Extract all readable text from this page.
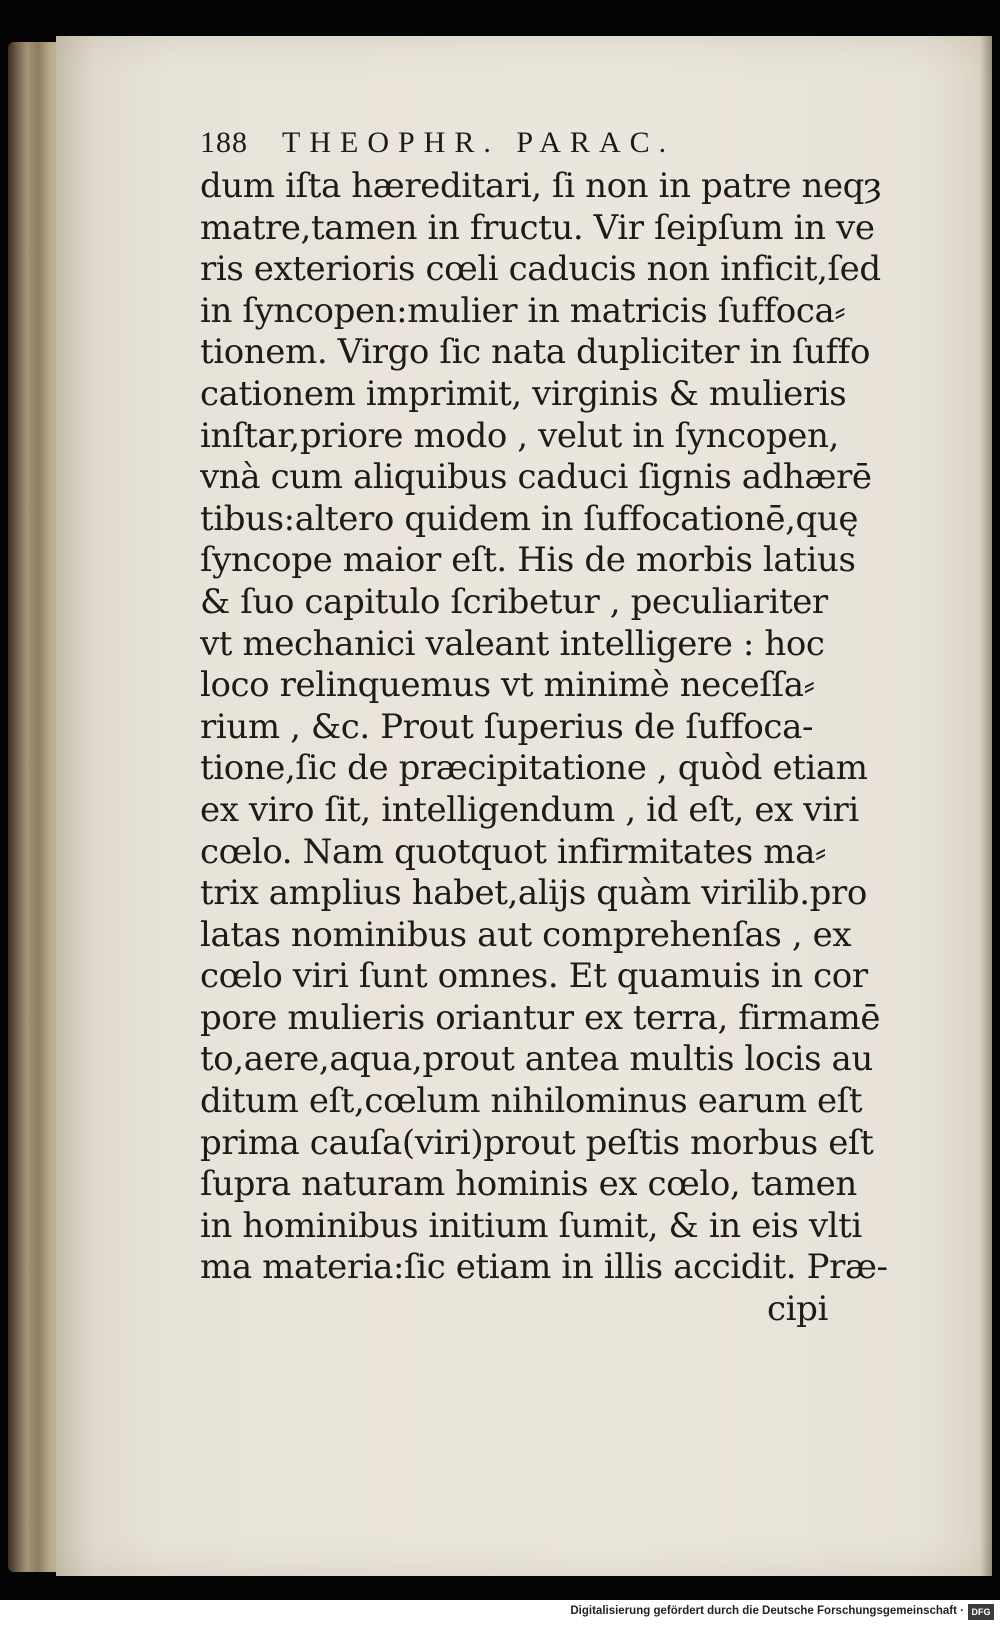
188 THEOPHR. PARAC.
dum iſta hæreditari, ſi non in patre neqȝ
matre,tamen in fructu. Vir ſeipſum in ve
ris exterioris cœli caducis non inficit,ſed
in ſyncopen:mulier in matricis ſuffoca⸗
tionem. Virgo ſic nata dupliciter in ſuffo
cationem imprimit, virginis & mulieris
inſtar,priore modo , velut in ſyncopen,
vnà cum aliquibus caduci ſignis adhærē
tibus:altero quidem in ſuffocationē,quę
ſyncope maior eſt. His de morbis latius
& ſuo capitulo ſcribetur , peculiariter
vt mechanici valeant intelligere : hoc
loco relinquemus vt minimè neceſſa⸗
rium , &c. Prout ſuperius de ſuffoca-
tione,ſic de præcipitatione , quòd etiam
ex viro ſit, intelligendum , id eſt, ex viri
cœlo. Nam quotquot infirmitates ma⸗
trix amplius habet,alijs quàm virilib.pro
latas nominibus aut comprehenſas , ex
cœlo viri ſunt omnes. Et quamuis in cor
pore mulieris oriantur ex terra, firmamē
to,aere,aqua,prout antea multis locis au
ditum eſt,cœlum nihilominus earum eſt
prima cauſa(viri)prout peſtis morbus eſt
ſupra naturam hominis ex cœlo, tamen
in hominibus initium ſumit, & in eis vlti
ma materia:ſic etiam in illis accidit. Præ-
cipi
Digitalisierung gefördert durch die Deutsche Forschungsgemeinschaft · DFG
